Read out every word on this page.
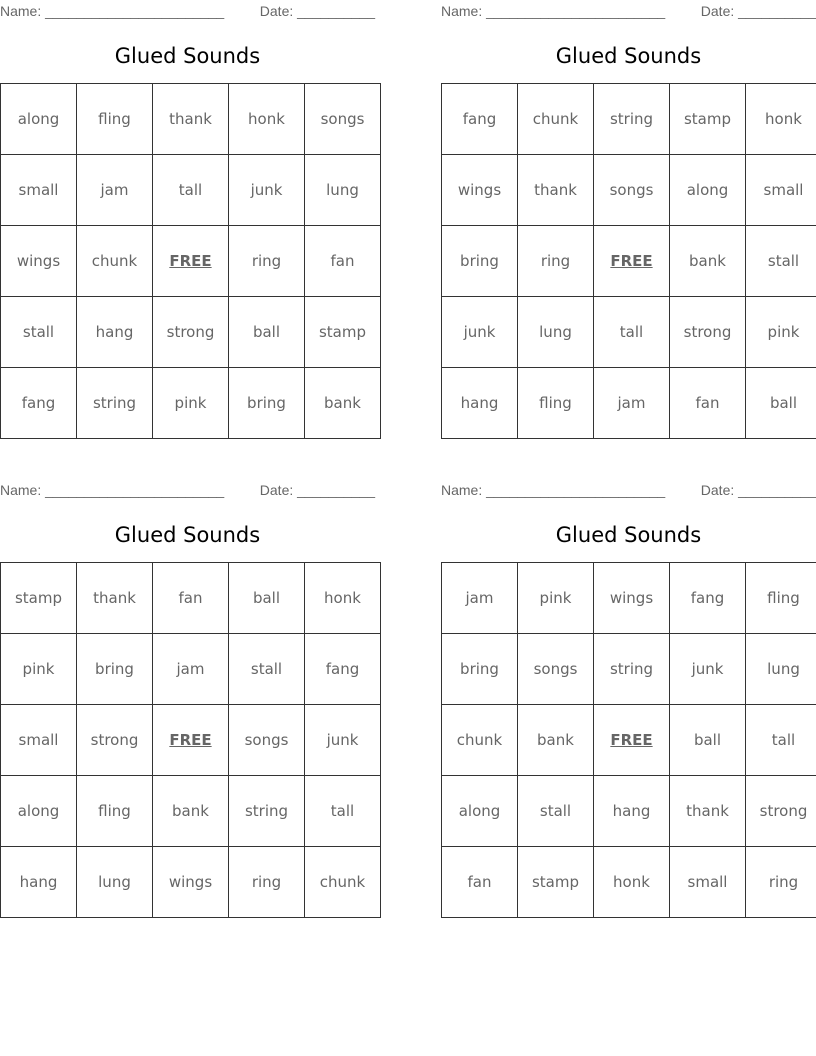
Name: _______________________	Date: __________
Glued Sounds
along	fling	thank	honk	songs
small	jam	tall	junk	lung
wings	chunk	FREE	ring	fan
stall	hang	strong	ball	stamp
fang	string	pink	bring	bank
Name: _______________________	Date: __________
Glued Sounds
fang	chunk	string	stamp	honk
wings	thank	songs	along	small
bring	ring	FREE	bank	stall
junk	lung	tall	strong	pink
hang	fling	jam	fan	ball
Name: _______________________	Date: __________
Glued Sounds
stamp	thank	fan	ball	honk
pink	bring	jam	stall	fang
small	strong	FREE	songs	junk
along	fling	bank	string	tall
hang	lung	wings	ring	chunk
Name: _______________________	Date: __________
Glued Sounds
jam	pink	wings	fang	fling
bring	songs	string	junk	lung
chunk	bank	FREE	ball	tall
along	stall	hang	thank	strong
fan	stamp	honk	small	ring
